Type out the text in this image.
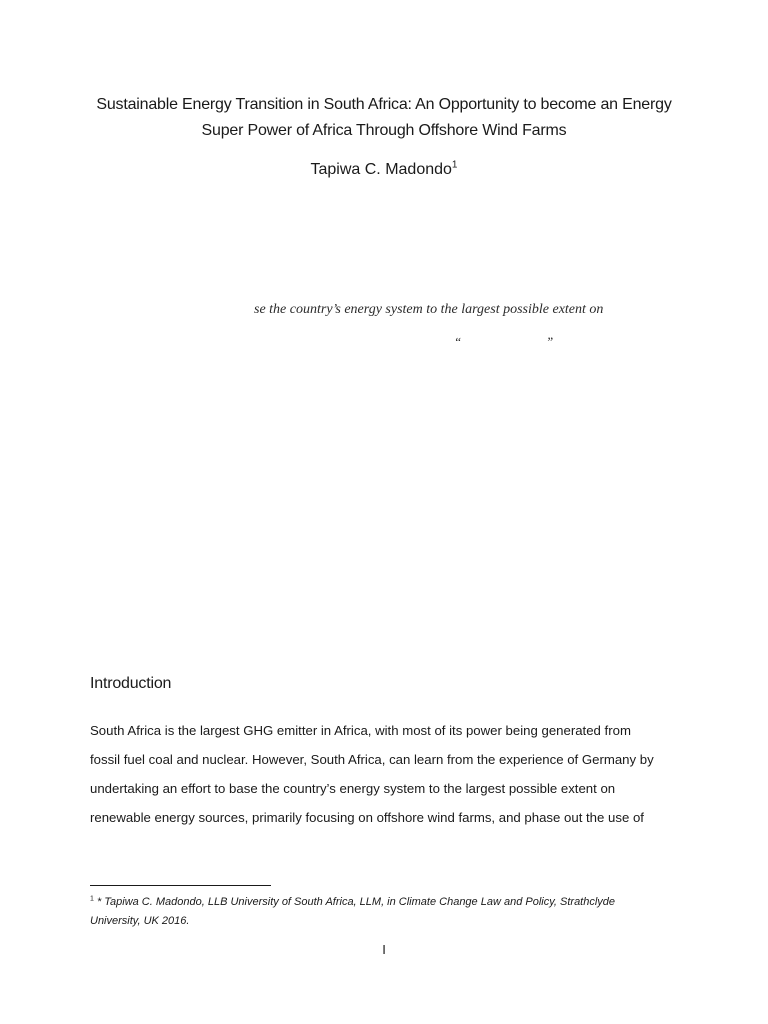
Sustainable Energy Transition in South Africa: An Opportunity to become an Energy
Super Power of Africa Through Offshore Wind Farms
Tapiwa C. Madondo$^1$
se the country’s energy system to the largest possible extent on
“	”
Introduction
South Africa is the largest GHG emitter in Africa, with most of its power being generated from
fossil fuel coal and nuclear. However, South Africa, can learn from the experience of Germany by
undertaking an effort to base the country’s energy system to the largest possible extent on
renewable energy sources, primarily focusing on offshore wind farms, and phase out the use of
$^1$ * Tapiwa C. Madondo, LLB University of South Africa, LLM, in Climate Change Law and Policy, Strathclyde
University, UK 2016.
I
